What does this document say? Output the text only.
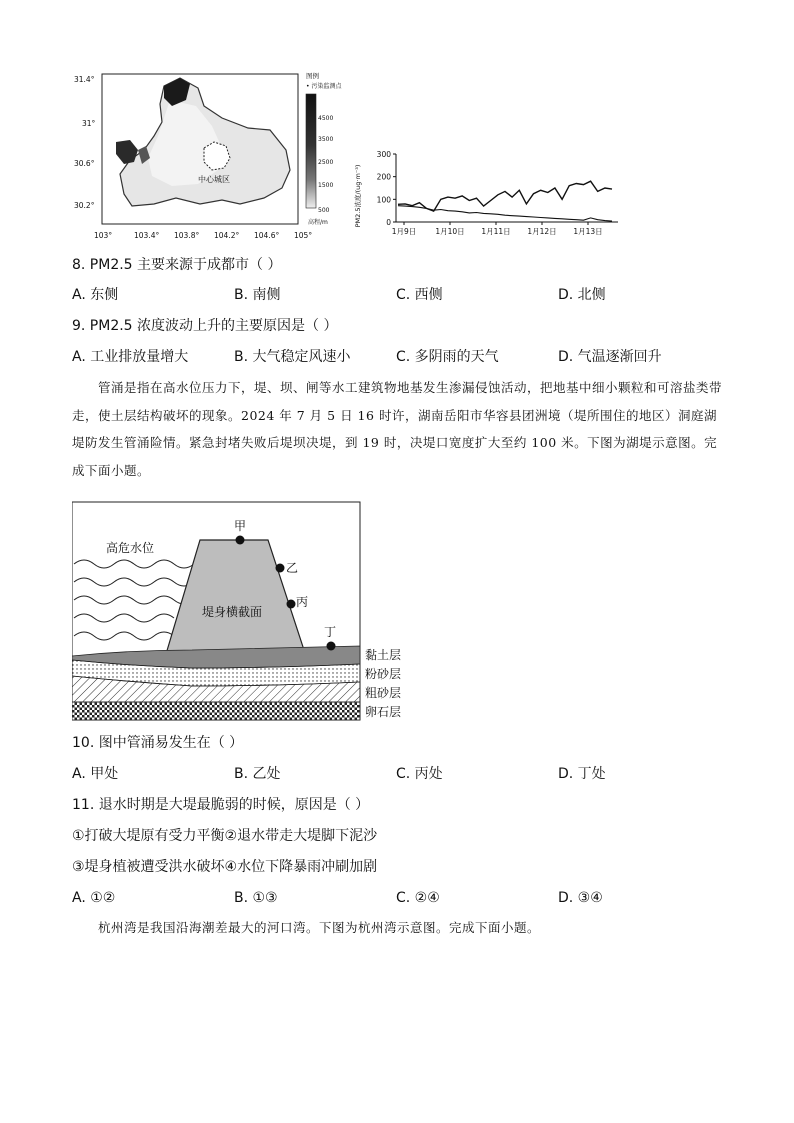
中心城区
31.4°
31°
30.6°
30.2°
103°	103.4° 103.8° 104.2° 104.6° 105°
图例
• 污染监测点
4500
3500
2500
1500
500
高程/m	PM2.5浓度/(ug·m⁻³)	0
100
200
300
1月9日	1月10日 1月11日 1月12日 1月13日
8. PM2.5 主要来源于成都市（ ）
A. 东侧	B. 南侧	C. 西侧	D. 北侧
9. PM2.5 浓度波动上升的主要原因是（ ）
A. 工业排放量增大	B. 大气稳定风速小	C. 多阴雨的天气	D. 气温逐渐回升
管涌是指在高水位压力下，堤、坝、闸等水工建筑物地基发生渗漏侵蚀活动，把地基中细小颗粒和可溶盐类带走，使土层结构破坏的现象。2024 年 7 月 5 日 16 时许，湖南岳阳市华容县团洲境（堤所围住的地区）洞庭湖堤防发生管涌险情。紧急封堵失败后堤坝决堤，到 19 时，决堤口宽度扩大至约 100 米。下图为湖堤示意图。完成下面小题。
高危水位
堤身横截面
甲
乙
丙
丁
黏土层
粉砂层
粗砂层
卵石层
10. 图中管涌易发生在（ ）
A. 甲处	B. 乙处	C. 丙处	D. 丁处
11. 退水时期是大堤最脆弱的时候，原因是（ ）
①打破大堤原有受力平衡②退水带走大堤脚下泥沙
③堤身植被遭受洪水破坏④水位下降暴雨冲刷加剧
A. ①②	B. ①③	C. ②④	D. ③④
杭州湾是我国沿海潮差最大的河口湾。下图为杭州湾示意图。完成下面小题。
